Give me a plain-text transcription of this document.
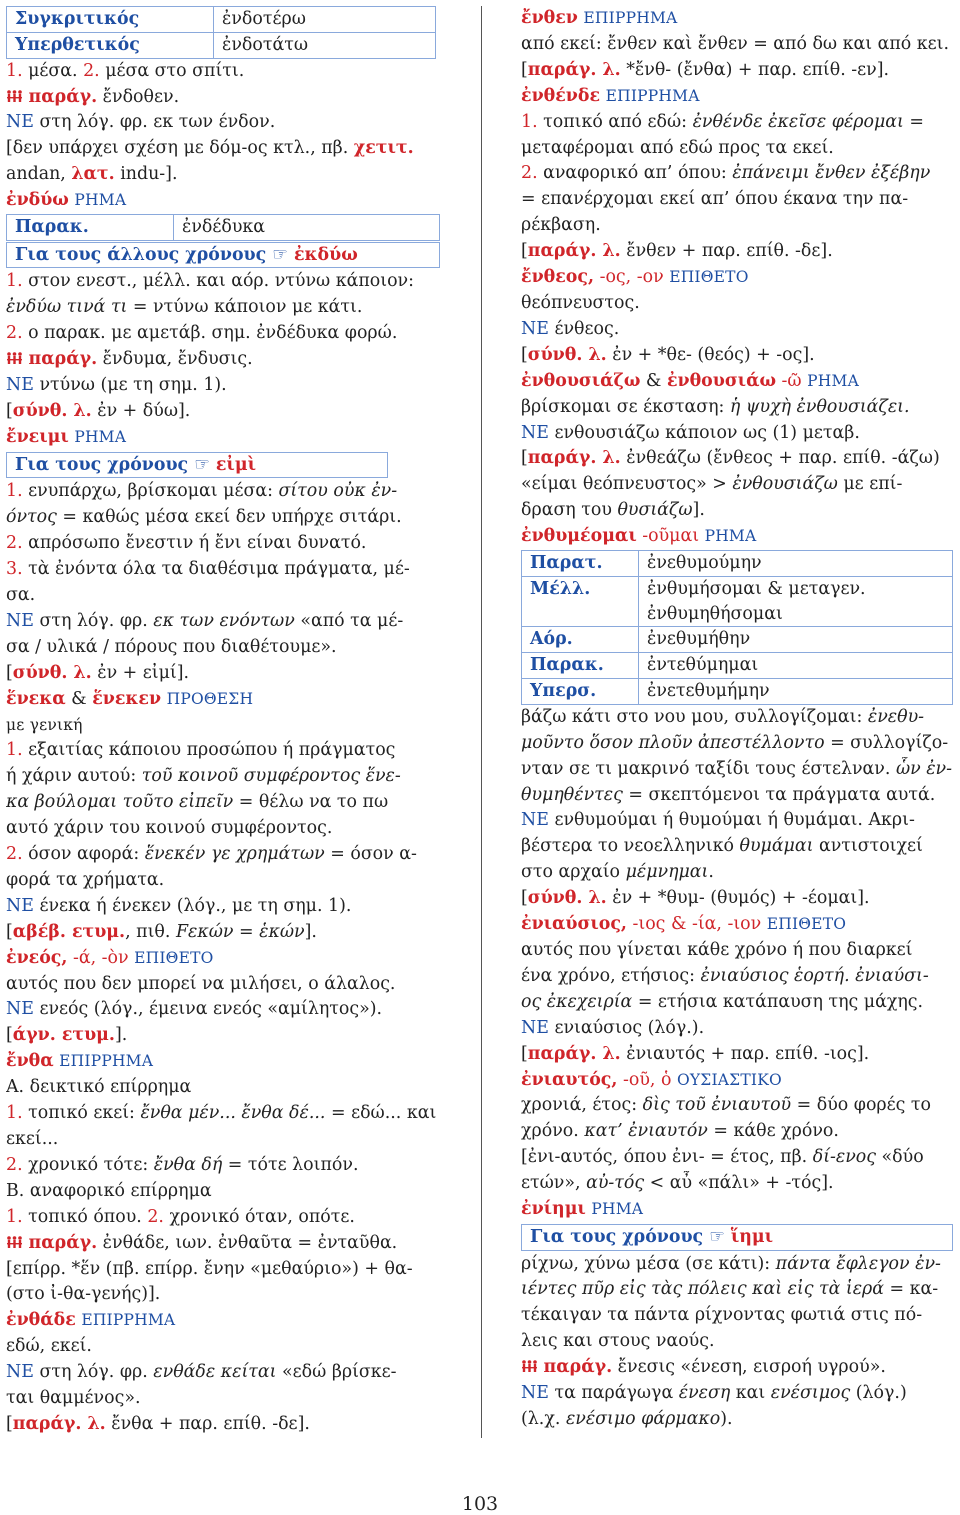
Συγκριτικός	ἐνδοτέρω
Υπερθετικός	ἐνδοτάτω
1. μέσα. 2. μέσα στο σπίτι.
παράγ. ἔνδοθεν.
ΝΕ στη λόγ. φρ. εκ των ένδον.
[δεν υπάρχει σχέση με δόμ-ος κτλ., πβ. χετιτ.
andan, λατ. indu-].
ἐνδύω ΡΗΜΑ
Παρακ.	ἐνδέδυκα
Για τους άλλους χρόνους ☞ ἐκδύω
1. στον ενεστ., μέλλ. και αόρ. ντύνω κάποιον:
ἐνδύω τινά τι = ντύνω κάποιον με κάτι.
2. ο παρακ. με αμετάβ. σημ. ἐνδέδυκα φορώ.
παράγ. ἔνδυμα, ἔνδυσις.
ΝΕ ντύνω (με τη σημ. 1).
[σύνθ. λ. ἐν + δύω].
ἔνειμι ΡΗΜΑ
Για τους χρόνους ☞ εἰμὶ
1. ενυπάρχω, βρίσκομαι μέσα: σίτου οὐκ ἐν-
όντος = καθώς μέσα εκεί δεν υπήρχε σιτάρι.
2. απρόσωπο ἔνεστιν ή ἔνι είναι δυνατό.
3. τὰ ἐνόντα όλα τα διαθέσιμα πράγματα, μέ-
σα.
ΝΕ στη λόγ. φρ. εκ των ενόντων «από τα μέ-
σα / υλικά / πόρους που διαθέτουμε».
[σύνθ. λ. ἐν + εἰμί].
ἕνεκα & ἕνεκεν ΠΡΟΘΕΣΗ
με γενική
1. εξαιτίας κάποιου προσώπου ή πράγματος
ή χάριν αυτού: τοῦ κοινοῦ συμφέροντος ἕνε-
κα βούλομαι τοῦτο εἰπεῖν = θέλω να το πω
αυτό χάριν του κοινού συμφέροντος.
2. όσον αφορά: ἕνεκέν γε χρημάτων = όσον α-
φορά τα χρήματα.
ΝΕ ένεκα ή ένεκεν (λόγ., με τη σημ. 1).
[αβέβ. ετυμ., πιθ. Fεκών = ἑκών].
ἐνεός, -ά, -ὸν ΕΠΙΘΕΤΟ
αυτός που δεν μπορεί να μιλήσει, ο άλαλος.
ΝΕ ενεός (λόγ., έμεινα ενεός «αμίλητος»).
[άγν. ετυμ.].
ἔνθα ΕΠΙΡΡΗΜΑ
Α. δεικτικό επίρρημα
1. τοπικό εκεί: ἔνθα μέν... ἔνθα δέ... = εδώ... και
εκεί...
2. χρονικό τότε: ἔνθα δή = τότε λοιπόν.
Β. αναφορικό επίρρημα
1. τοπικό όπου. 2. χρονικό όταν, οπότε.
παράγ. ἐνθάδε, ιων. ἐνθαῦτα = ἐνταῦθα.
[επίρρ. *ἕν (πβ. επίρρ. ἔνην «μεθαύριο») + θα-
(στο ἰ-θα-γενής)].
ἐνθάδε ΕΠΙΡΡΗΜΑ
εδώ, εκεί.
ΝΕ στη λόγ. φρ. ενθάδε κείται «εδώ βρίσκε-
ται θαμμένος».
[παράγ. λ. ἔνθα + παρ. επίθ. -δε].
ἔνθεν ΕΠΙΡΡΗΜΑ
από εκεί: ἔνθεν καὶ ἔνθεν = από δω και από κει.
[παράγ. λ. *ἔνθ- (ἔνθα) + παρ. επίθ. -εν].
ἐνθένδε ΕΠΙΡΡΗΜΑ
1. τοπικό από εδώ: ἐνθένδε ἐκεῖσε φέρομαι =
μεταφέρομαι από εδώ προς τα εκεί.
2. αναφορικό απ’ όπου: ἐπάνειμι ἔνθεν ἐξέβην
= επανέρχομαι εκεί απ’ όπου έκανα την πα-
ρέκβαση.
[παράγ. λ. ἔνθεν + παρ. επίθ. -δε].
ἔνθεος, -ος, -ον ΕΠΙΘΕΤΟ
θεόπνευστος.
ΝΕ ένθεος.
[σύνθ. λ. ἐν + *θε- (θεός) + -ος].
ἐνθουσιάζω & ἐνθουσιάω -ῶ ΡΗΜΑ
βρίσκομαι σε έκσταση: ἡ ψυχὴ ἐνθουσιάζει.
ΝΕ ενθουσιάζω κάποιον ως (1) μεταβ.
[παράγ. λ. ἐνθεάζω (ἔνθεος + παρ. επίθ. -άζω)
«είμαι θεόπνευστος» > ἐνθουσιάζω με επί-
δραση του θυσιάζω].
ἐνθυμέομαι -οῦμαι ΡΗΜΑ
Παρατ.	ἐνεθυμούμην
Μέλλ.	ἐνθυμήσομαι & μεταγεν.
ἐνθυμηθήσομαι

Αόρ.	ἐνεθυμήθην
Παρακ.	ἐντεθύμημαι
Υπερσ.	ἐνετεθυμήμην
βάζω κάτι στο νου μου, συλλογίζομαι: ἐνεθυ-
μοῦντο ὅσον πλοῦν ἀπεστέλλοντο = συλλογίζο-
νταν σε τι μακρινό ταξίδι τους έστελναν. ὧν ἐν-
θυμηθέντες = σκεπτόμενοι τα πράγματα αυτά.
ΝΕ ενθυμούμαι ή θυμούμαι ή θυμάμαι. Ακρι-
βέστερα το νεοελληνικό θυμάμαι αντιστοιχεί
στο αρχαίο μέμνημαι.
[σύνθ. λ. ἐν + *θυμ- (θυμός) + -έομαι].
ἐνιαύσιος, -ιος & -ία, -ιον ΕΠΙΘΕΤΟ
αυτός που γίνεται κάθε χρόνο ή που διαρκεί
ένα χρόνο, ετήσιος: ἐνιαύσιος ἑορτή. ἐνιαύσι-
ος ἐκεχειρία = ετήσια κατάπαυση της μάχης.
ΝΕ ενιαύσιος (λόγ.).
[παράγ. λ. ἐνιαυτός + παρ. επίθ. -ιος].
ἐνιαυτός, -οῦ, ὁ ΟΥΣΙΑΣΤΙΚΟ
χρονιά, έτος: δὶς τοῦ ἐνιαυτοῦ = δύο φορές το
χρόνο. κατ’ ἐνιαυτόν = κάθε χρόνο.
[ἐνι-αυτός, όπου ἐνι- = έτος, πβ. δί-ενος «δύο
ετών», αὐ-τός < αὖ «πάλι» + -τός].
ἐνίημι ΡΗΜΑ
Για τους χρόνους ☞ ἵημι
ρίχνω, χύνω μέσα (σε κάτι): πάντα ἔφλεγον ἐν-
ιέντες πῦρ εἰς τὰς πόλεις καὶ εἰς τὰ ἱερά = κα-
τέκαιγαν τα πάντα ρίχνοντας φωτιά στις πό-
λεις και στους ναούς.
παράγ. ἔνεσις «ένεση, εισροή υγρού».
ΝΕ τα παράγωγα ένεση και ενέσιμος (λόγ.)
(λ.χ. ενέσιμο φάρμακο).
103
